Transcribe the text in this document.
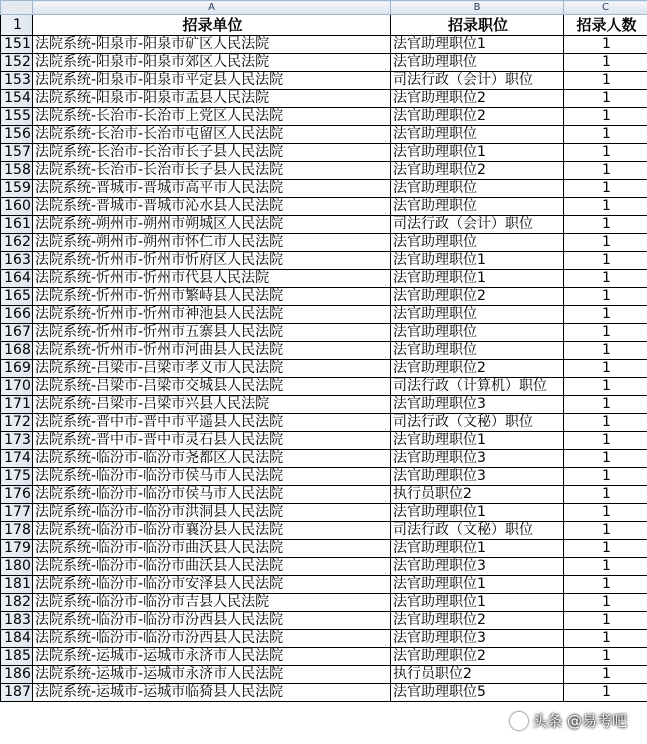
	A	B	C
1	招录单位	招录职位	招录人数
151	法院系统-阳泉市-阳泉市矿区人民法院	法官助理职位1	1
152	法院系统-阳泉市-阳泉市郊区人民法院	法官助理职位	1
153	法院系统-阳泉市-阳泉市平定县人民法院	司法行政（会计）职位	1
154	法院系统-阳泉市-阳泉市盂县人民法院	法官助理职位2	1
155	法院系统-长治市-长治市上党区人民法院	法官助理职位2	1
156	法院系统-长治市-长治市屯留区人民法院	法官助理职位	1
157	法院系统-长治市-长治市长子县人民法院	法官助理职位1	1
158	法院系统-长治市-长治市长子县人民法院	法官助理职位2	1
159	法院系统-晋城市-晋城市高平市人民法院	法官助理职位	1
160	法院系统-晋城市-晋城市沁水县人民法院	法官助理职位	1
161	法院系统-朔州市-朔州市朔城区人民法院	司法行政（会计）职位	1
162	法院系统-朔州市-朔州市怀仁市人民法院	法官助理职位	1
163	法院系统-忻州市-忻州市忻府区人民法院	法官助理职位1	1
164	法院系统-忻州市-忻州市代县人民法院	法官助理职位1	1
165	法院系统-忻州市-忻州市繁峙县人民法院	法官助理职位2	1
166	法院系统-忻州市-忻州市神池县人民法院	法官助理职位	1
167	法院系统-忻州市-忻州市五寨县人民法院	法官助理职位	1
168	法院系统-忻州市-忻州市河曲县人民法院	法官助理职位	1
169	法院系统-吕梁市-吕梁市孝义市人民法院	法官助理职位2	1
170	法院系统-吕梁市-吕梁市交城县人民法院	司法行政（计算机）职位	1
171	法院系统-吕梁市-吕梁市兴县人民法院	法官助理职位3	1
172	法院系统-晋中市-晋中市平遥县人民法院	司法行政（文秘）职位	1
173	法院系统-晋中市-晋中市灵石县人民法院	法官助理职位1	1
174	法院系统-临汾市-临汾市尧都区人民法院	法官助理职位3	1
175	法院系统-临汾市-临汾市侯马市人民法院	法官助理职位3	1
176	法院系统-临汾市-临汾市侯马市人民法院	执行员职位2	1
177	法院系统-临汾市-临汾市洪洞县人民法院	法官助理职位1	1
178	法院系统-临汾市-临汾市襄汾县人民法院	司法行政（文秘）职位	1
179	法院系统-临汾市-临汾市曲沃县人民法院	法官助理职位1	1
180	法院系统-临汾市-临汾市曲沃县人民法院	法官助理职位3	1
181	法院系统-临汾市-临汾市安泽县人民法院	法官助理职位1	1
182	法院系统-临汾市-临汾市吉县人民法院	法官助理职位1	1
183	法院系统-临汾市-临汾市汾西县人民法院	法官助理职位2	1
184	法院系统-临汾市-临汾市汾西县人民法院	法官助理职位3	1
185	法院系统-运城市-运城市永济市人民法院	法官助理职位2	1
186	法院系统-运城市-运城市永济市人民法院	执行员职位2	1
187	法院系统-运城市-运城市临猗县人民法院	法官助理职位5	1
头条 @易考吧
